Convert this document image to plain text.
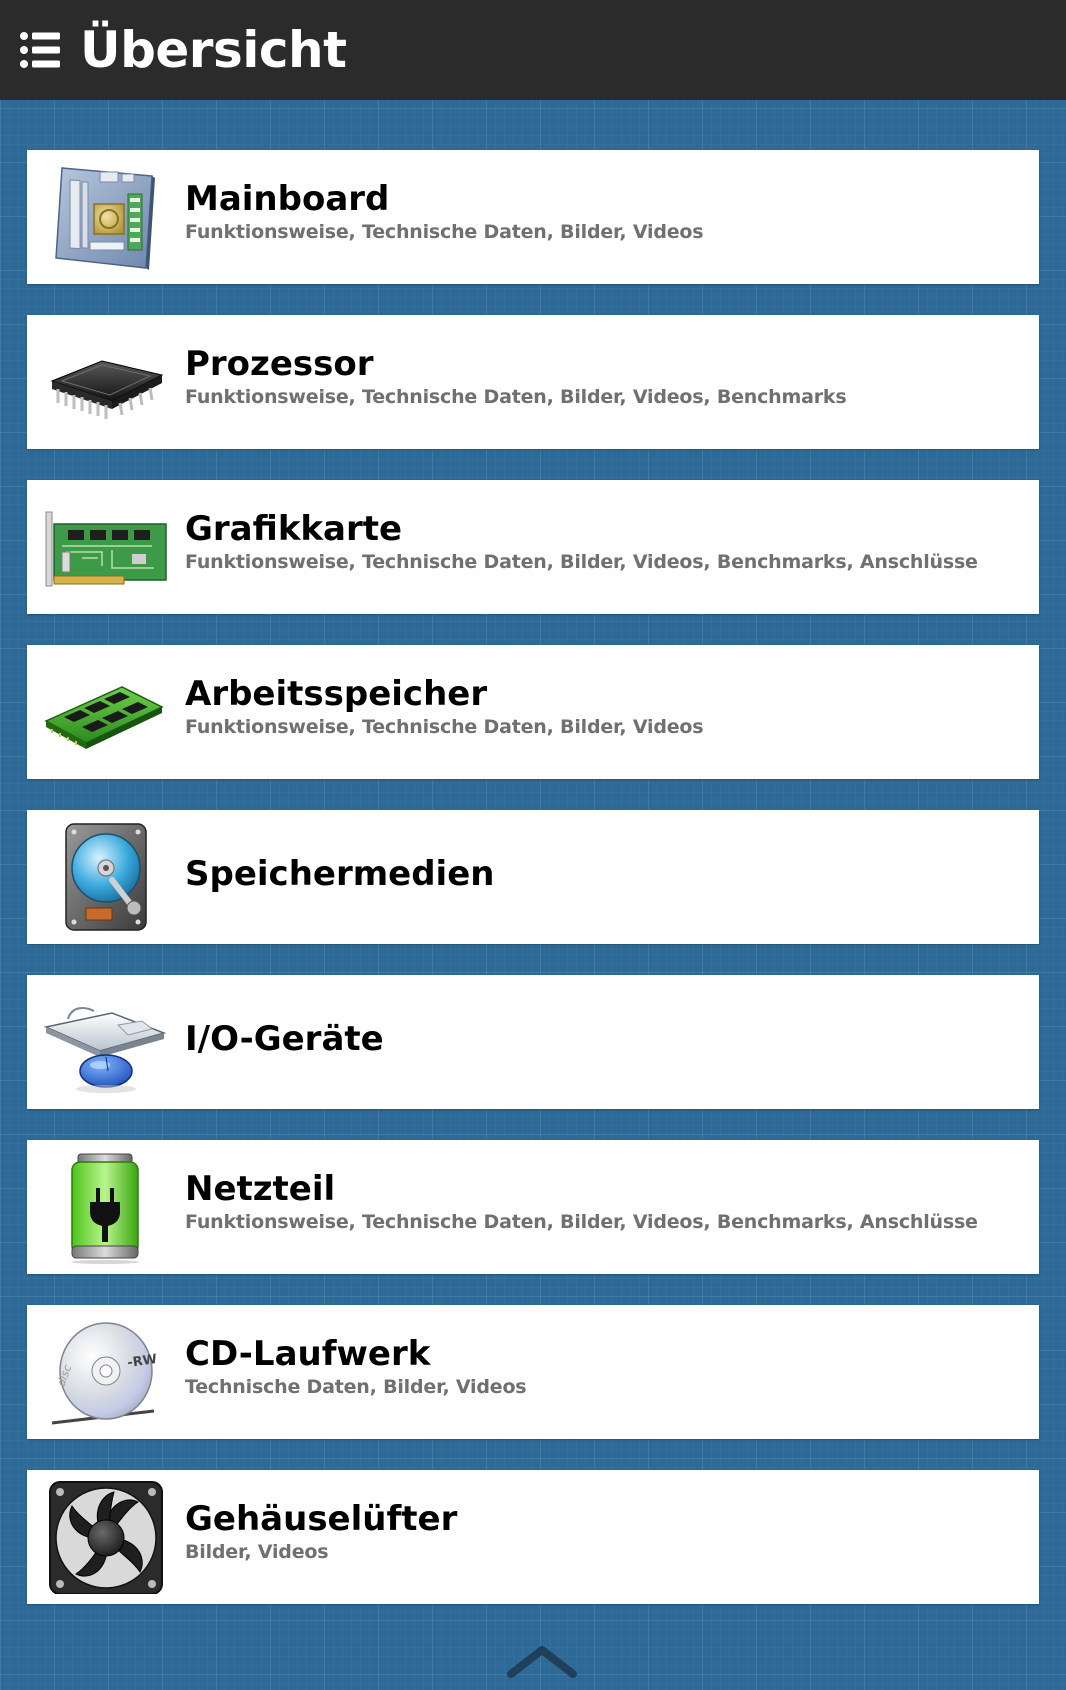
Übersicht
Mainboard
Funktionsweise, Technische Daten, Bilder, Videos
Prozessor
Funktionsweise, Technische Daten, Bilder, Videos, Benchmarks
Grafikkarte
Funktionsweise, Technische Daten, Bilder, Videos, Benchmarks, Anschlüsse
Arbeitsspeicher
Funktionsweise, Technische Daten, Bilder, Videos
Speichermedien
I/O-Geräte
Netzteil
Funktionsweise, Technische Daten, Bilder, Videos, Benchmarks, Anschlüsse
-RW
disc
CD-Laufwerk
Technische Daten, Bilder, Videos
Gehäuselüfter
Bilder, Videos
